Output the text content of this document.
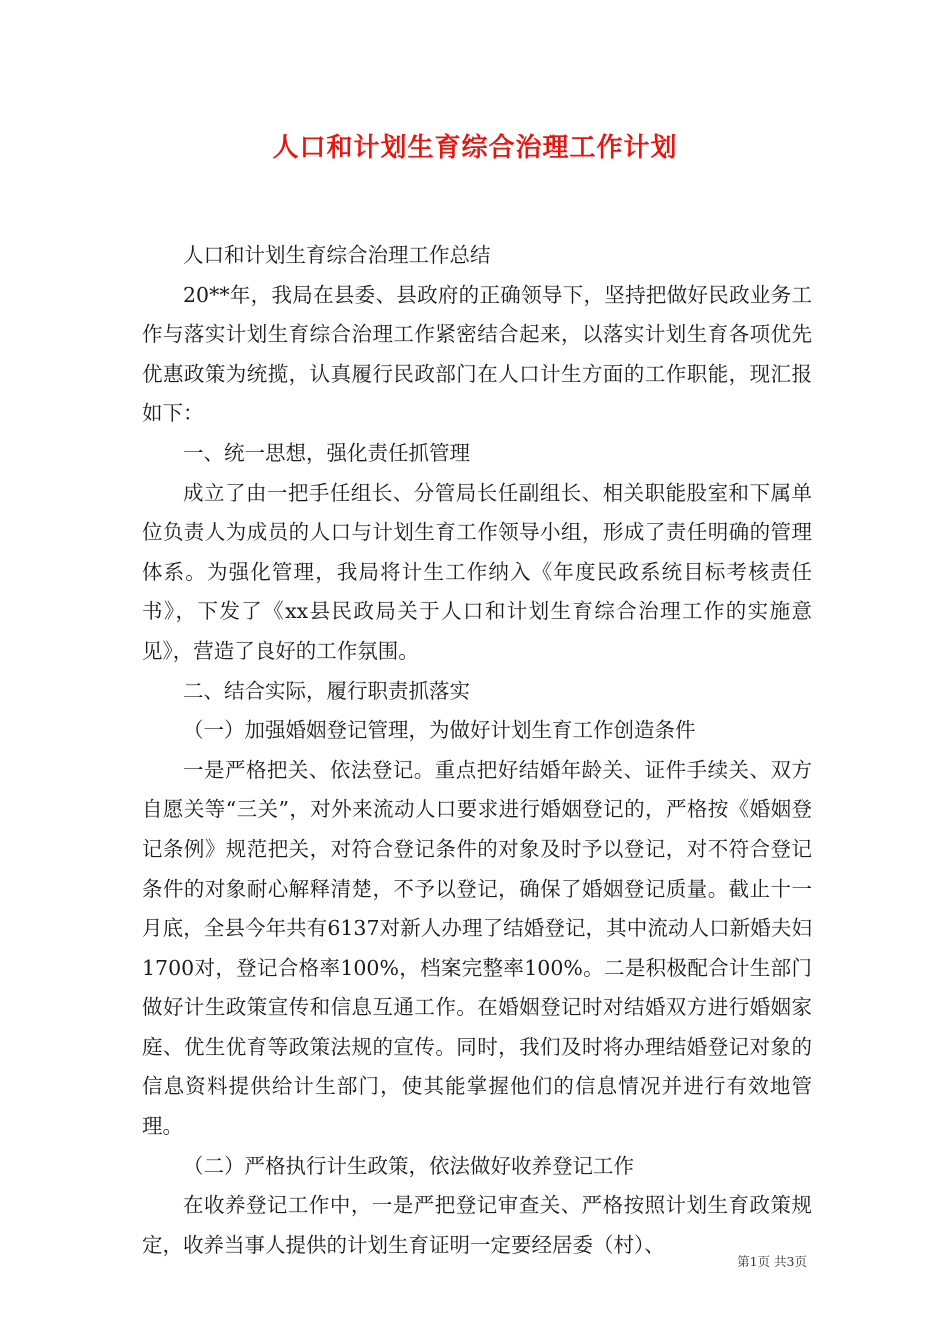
人口和计划生育综合治理工作计划

人口和计划生育综合治理工作总结

20**年，我局在县委、县政府的正确领导下，坚持把做好民政业务工作与落实计划生育综合治理工作紧密结合起来，以落实计划生育各项优先优惠政策为统揽，认真履行民政部门在人口计生方面的工作职能，现汇报如下：

一、统一思想，强化责任抓管理

成立了由一把手任组长、分管局长任副组长、相关职能股室和下属单位负责人为成员的人口与计划生育工作领导小组，形成了责任明确的管理体系。为强化管理，我局将计生工作纳入《年度民政系统目标考核责任书》，下发了《xx县民政局关于人口和计划生育综合治理工作的实施意见》，营造了良好的工作氛围。

二、结合实际，履行职责抓落实

（一）加强婚姻登记管理，为做好计划生育工作创造条件

一是严格把关、依法登记。重点把好结婚年龄关、证件手续关、双方自愿关等“三关”，对外来流动人口要求进行婚姻登记的，严格按《婚姻登记条例》规范把关，对符合登记条件的对象及时予以登记，对不符合登记条件的对象耐心解释清楚，不予以登记，确保了婚姻登记质量。截止十一月底，全县今年共有6137对新人办理了结婚登记，其中流动人口新婚夫妇1700对，登记合格率100%，档案完整率100%。二是积极配合计生部门做好计生政策宣传和信息互通工作。在婚姻登记时对结婚双方进行婚姻家庭、优生优育等政策法规的宣传。同时，我们及时将办理结婚登记对象的信息资料提供给计生部门，使其能掌握他们的信息情况并进行有效地管理。

（二）严格执行计生政策，依法做好收养登记工作

在收养登记工作中，一是严把登记审查关、严格按照计划生育政策规定，收养当事人提供的计划生育证明一定要经居委（村）、

第1页 共3页
